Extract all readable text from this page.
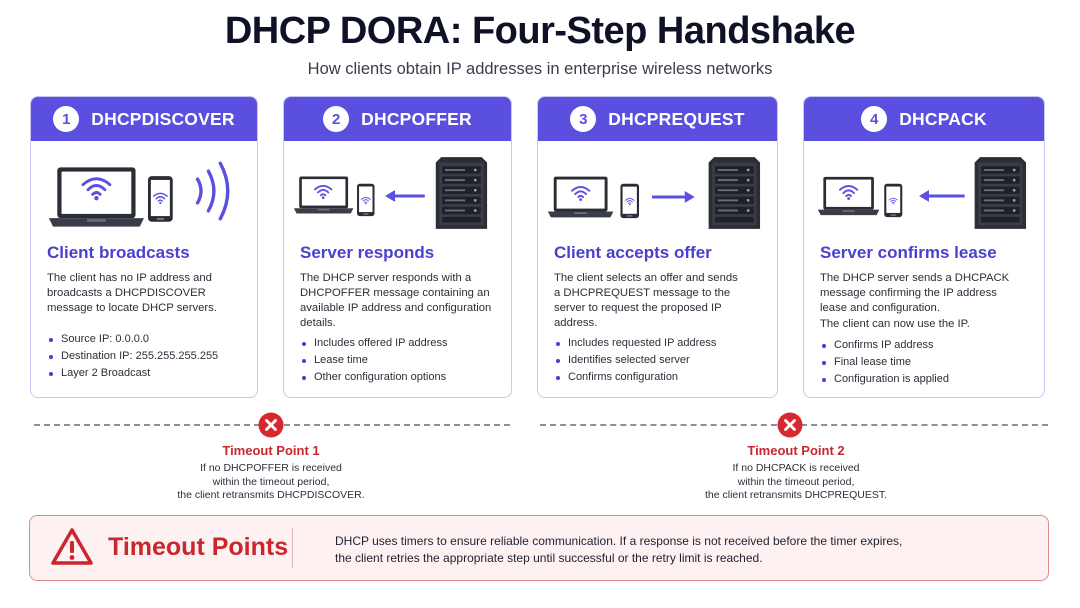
DHCP DORA: Four-Step Handshake
How clients obtain IP addresses in enterprise wireless networks
1	DHCPDISCOVER
Client broadcasts
The client has no IP address and broadcasts a DHCPDISCOVER message to locate DHCP servers.
Source IP: 0.0.0.0
Destination IP: 255.255.255.255
Layer 2 Broadcast
2	DHCPOFFER
Server responds
The DHCP server responds with a DHCPOFFER message containing an available IP address and configuration details.
Includes offered IP address
Lease time
Other configuration options
3	DHCPREQUEST
Client accepts offer
The client selects an offer and sends a DHCPREQUEST message to the server to request the proposed IP address.
Includes requested IP address
Identifies selected server
Confirms configuration
4	DHCPACK
Server confirms lease
The DHCP server sends a DHCPACK message confirming the IP address lease and configuration.
The client can now use the IP.
Confirms IP address
Final lease time
Configuration is applied
Timeout Point 1
If no DHCPOFFER is received
within the timeout period,
the client retransmits DHCPDISCOVER.
Timeout Point 2
If no DHCPACK is received
within the timeout period,
the client retransmits DHCPREQUEST.
Timeout Points	DHCP uses timers to ensure reliable communication. If a response is not received before the timer expires,
the client retries the appropriate step until successful or the retry limit is reached.
